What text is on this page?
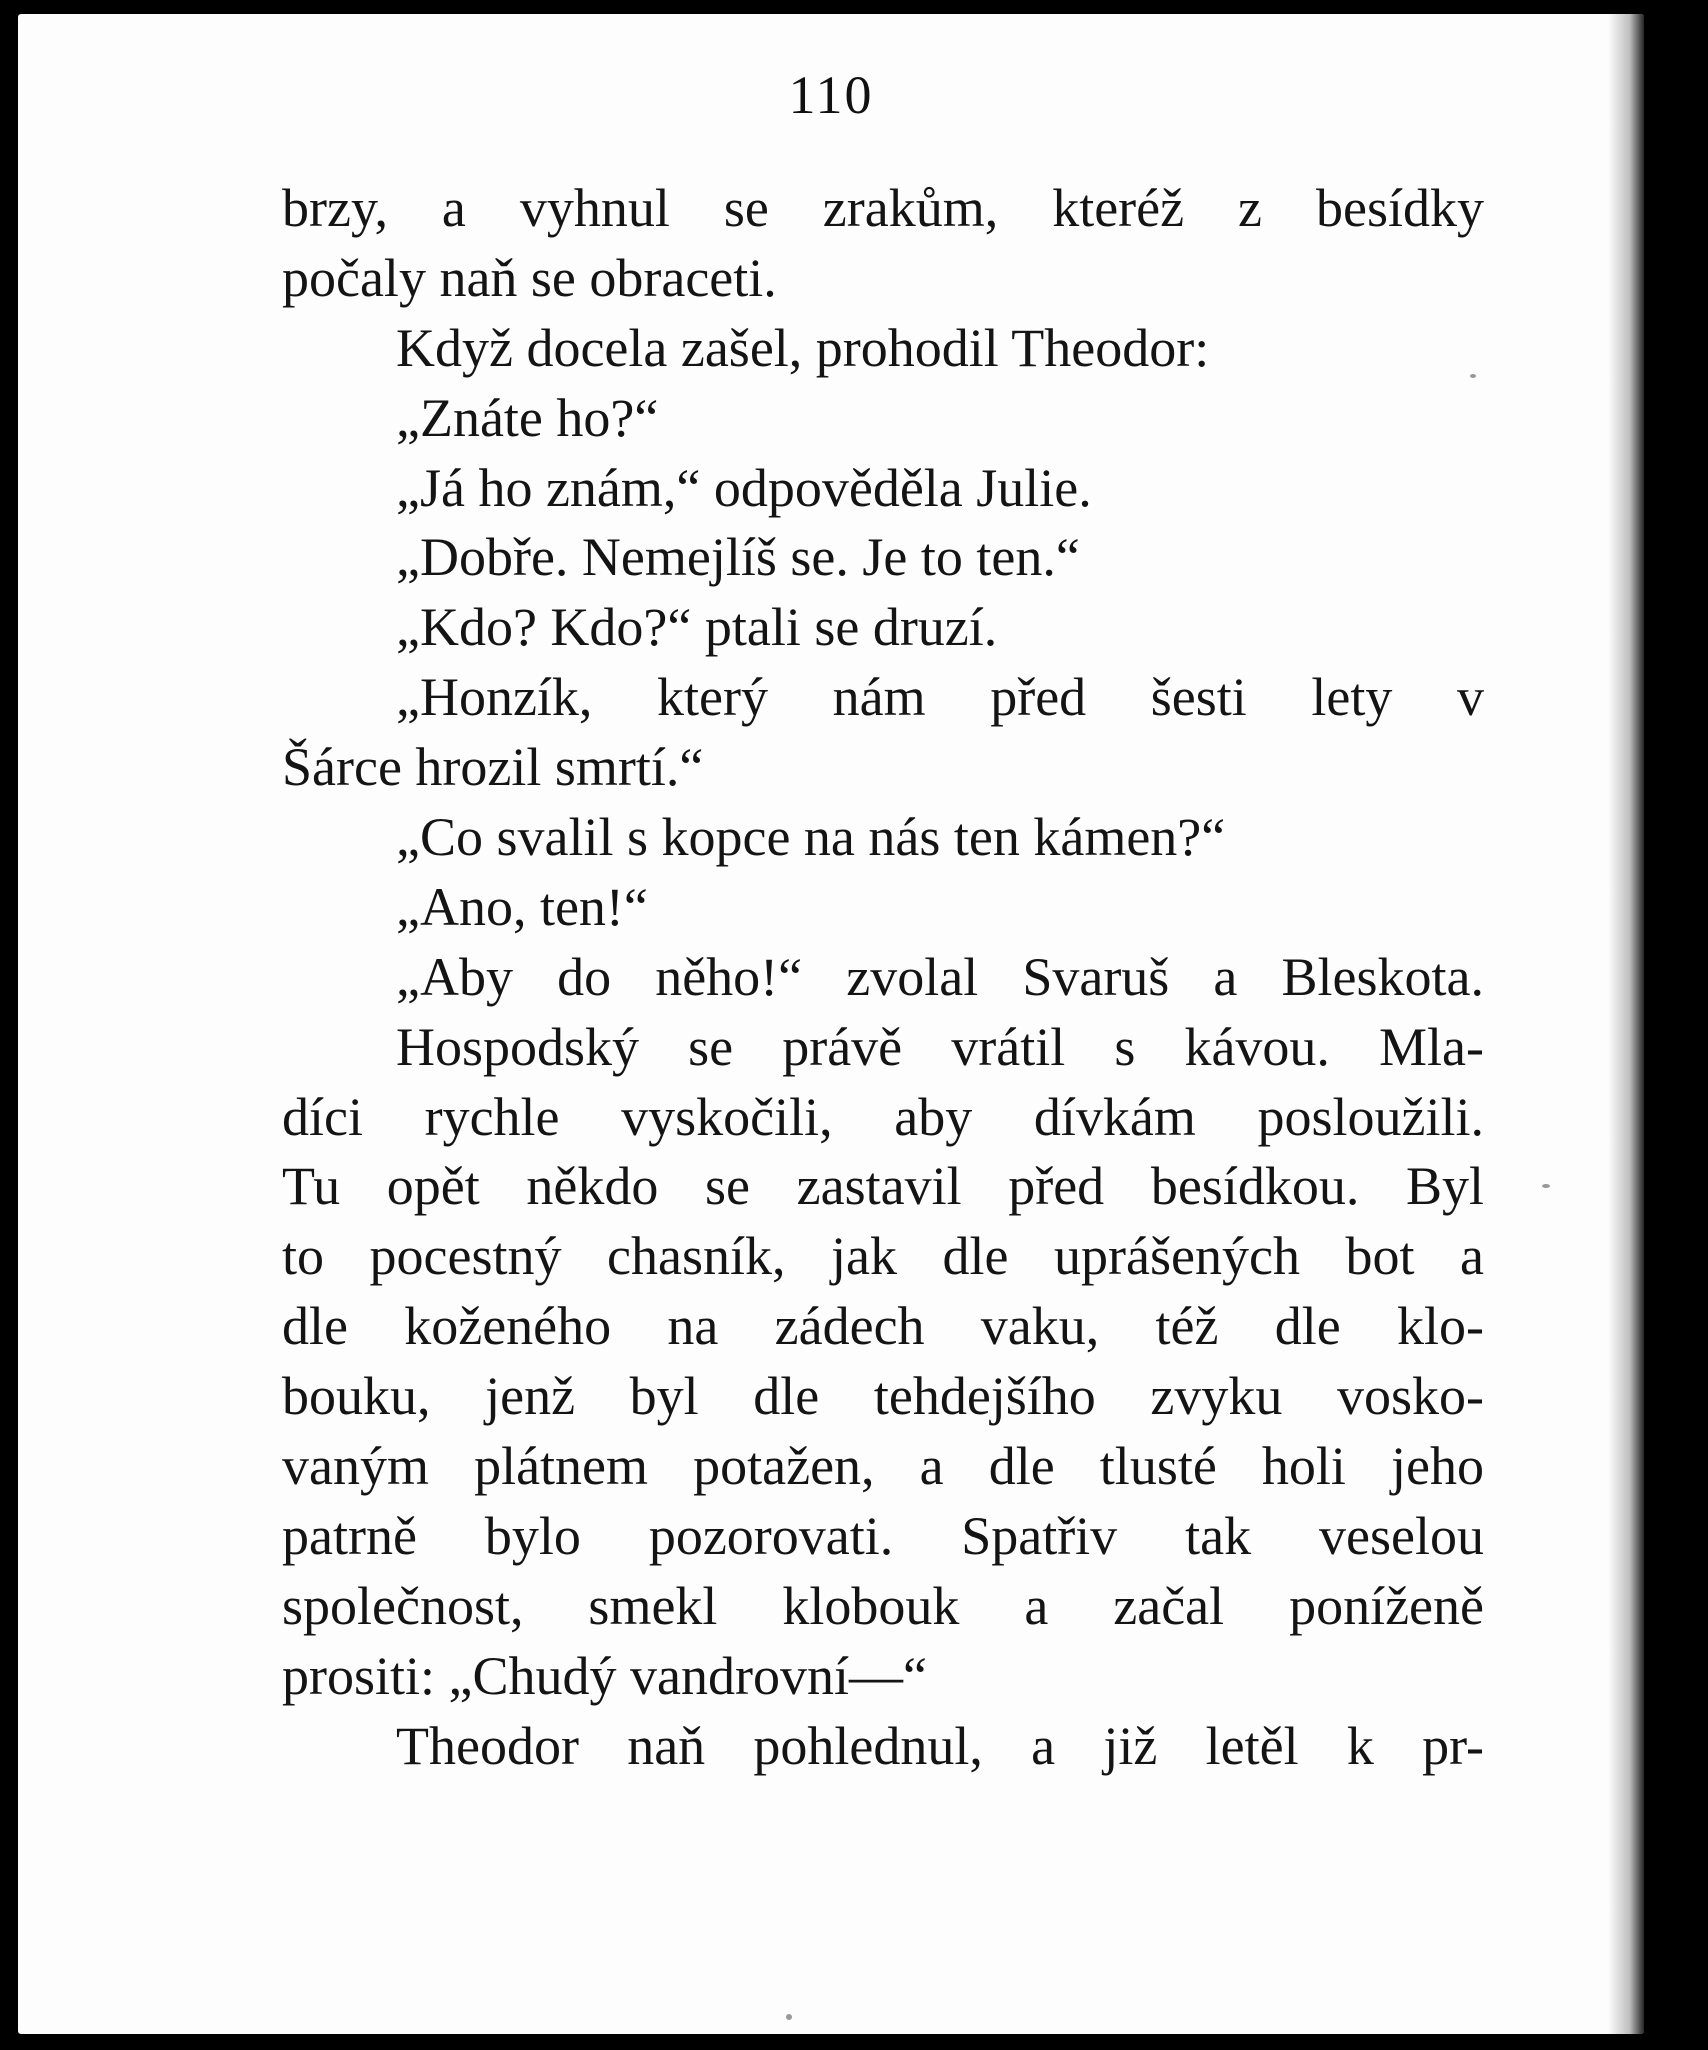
110
brzy, a vyhnul se zrakům, kteréž z besídky
počaly naň se obraceti.
Když docela zašel, prohodil Theodor:
„Znáte ho?“
„Já ho znám,“ odpověděla Julie.
„Dobře. Nemejlíš se. Je to ten.“
„Kdo? Kdo?“ ptali se druzí.
„Honzík, který nám před šesti lety v
Šárce hrozil smrtí.“
„Co svalil s kopce na nás ten kámen?“
„Ano, ten!“
„Aby do něho!“ zvolal Svaruš a Bleskota.
Hospodský se právě vrátil s kávou. Mla-
díci rychle vyskočili, aby dívkám posloužili.
Tu opět někdo se zastavil před besídkou. Byl
to pocestný chasník, jak dle uprášených bot a
dle koženého na zádech vaku, též dle klo-
bouku, jenž byl dle tehdejšího zvyku vosko-
vaným plátnem potažen, a dle tlusté holi jeho
patrně bylo pozorovati. Spatřiv tak veselou
společnost, smekl klobouk a začal poníženě
prositi: „Chudý vandrovní—“
Theodor naň pohlednul, a již letěl k pr-
